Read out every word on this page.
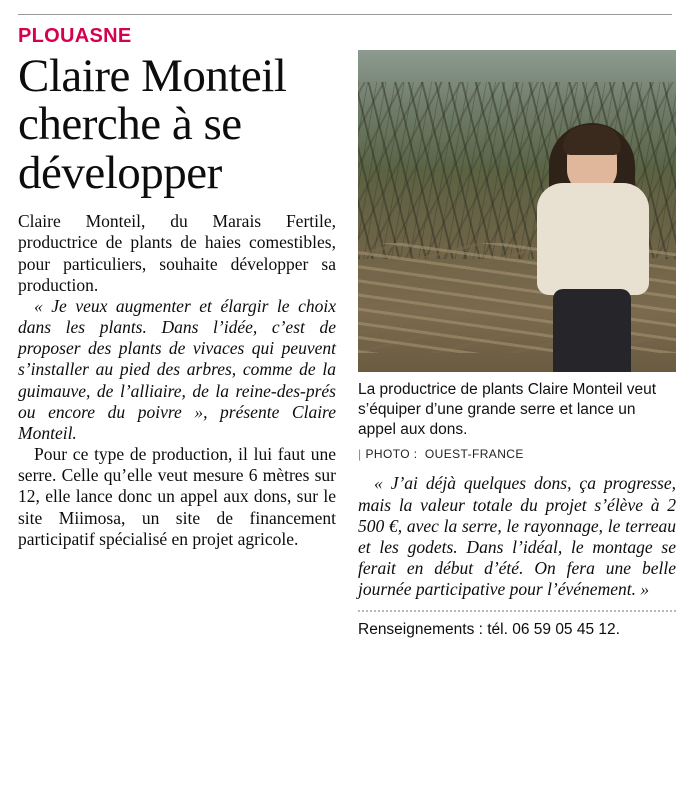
PLOUASNE
Claire Monteil cherche à se développer

Claire Monteil, du Marais Fertile, productrice de plants de haies comestibles, pour particuliers, souhaite développer sa production.

« Je veux augmenter et élargir le choix dans les plants. Dans l’idée, c’est de proposer des plants de vivaces qui peuvent s’installer au pied des arbres, comme de la guimauve, de l’alliaire, de la reine-des-prés ou encore du poivre », présente Claire Monteil.

Pour ce type de production, il lui faut une serre. Celle qu’elle veut mesure 6 mètres sur 12, elle lance donc un appel aux dons, sur le site Miimosa, un site de financement participatif spécialisé en projet agricole.

La productrice de plants Claire Monteil veut s’équiper d’une grande serre et lance un appel aux dons.

| PHOTO : OUEST-FRANCE

« J’ai déjà quelques dons, ça progresse, mais la valeur totale du projet s’élève à 2 500 €, avec la serre, le rayonnage, le terreau et les godets. Dans l’idéal, le montage se ferait en début d’été. On fera une belle journée participative pour l’événement. »

Renseignements : tél. 06 59 05 45 12.
